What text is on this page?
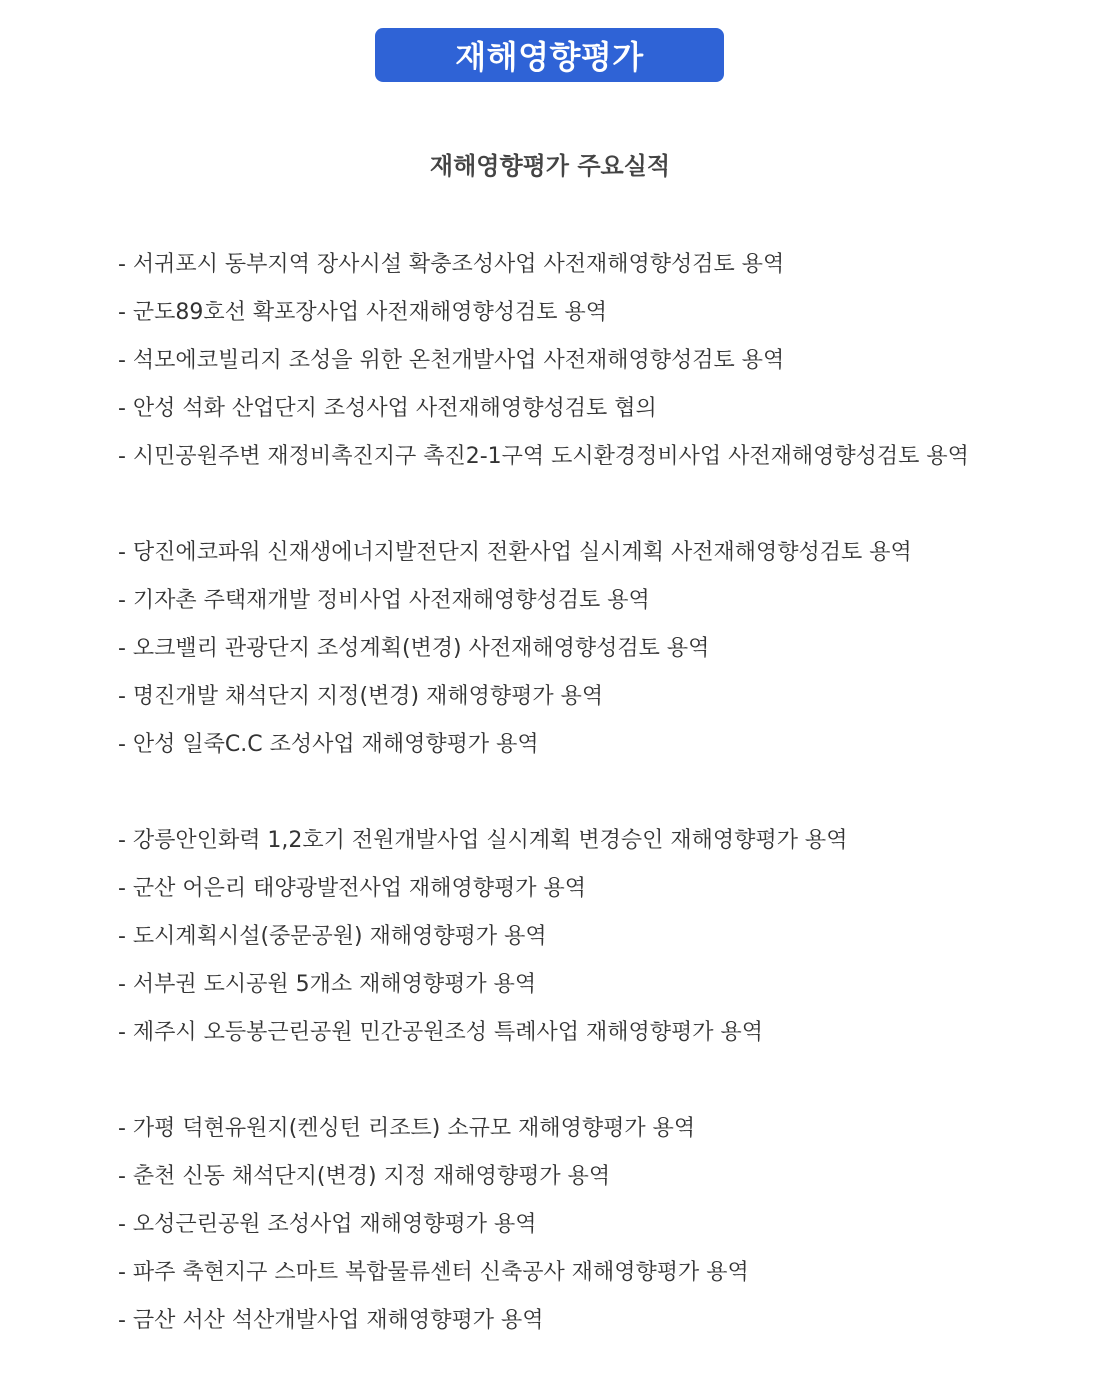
재해영향평가
재해영향평가 주요실적
- 서귀포시 동부지역 장사시설 확충조성사업 사전재해영향성검토 용역
- 군도89호선 확포장사업 사전재해영향성검토 용역
- 석모에코빌리지 조성을 위한 온천개발사업 사전재해영향성검토 용역
- 안성 석화 산업단지 조성사업 사전재해영향성검토 협의
- 시민공원주변 재정비촉진지구 촉진2-1구역 도시환경정비사업 사전재해영향성검토 용역
- 당진에코파워 신재생에너지발전단지 전환사업 실시계획 사전재해영향성검토 용역
- 기자촌 주택재개발 정비사업 사전재해영향성검토 용역
- 오크밸리 관광단지 조성계획(변경) 사전재해영향성검토 용역
- 명진개발 채석단지 지정(변경) 재해영향평가 용역
- 안성 일죽C.C 조성사업 재해영향평가 용역
- 강릉안인화력 1,2호기 전원개발사업 실시계획 변경승인 재해영향평가 용역
- 군산 어은리 태양광발전사업 재해영향평가 용역
- 도시계획시설(중문공원) 재해영향평가 용역
- 서부권 도시공원 5개소 재해영향평가 용역
- 제주시 오등봉근린공원 민간공원조성 특례사업 재해영향평가 용역
- 가평 덕현유원지(켄싱턴 리조트) 소규모 재해영향평가 용역
- 춘천 신동 채석단지(변경) 지정 재해영향평가 용역
- 오성근린공원 조성사업 재해영향평가 용역
- 파주 축현지구 스마트 복합물류센터 신축공사 재해영향평가 용역
- 금산 서산 석산개발사업 재해영향평가 용역
